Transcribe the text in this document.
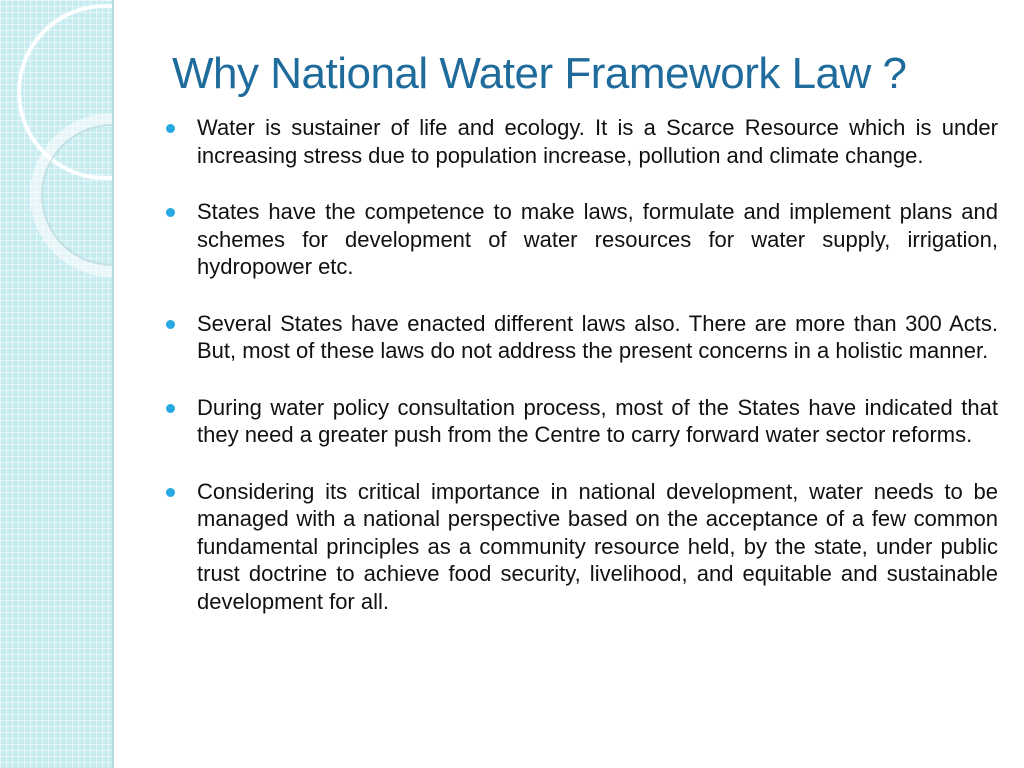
Why National Water Framework Law ?
Water is sustainer of life and ecology. It is a Scarce Resource which is under increasing stress due to population increase, pollution and climate change.
States have the competence to make laws, formulate and implement plans and schemes for development of water resources for water supply, irrigation, hydropower etc.
Several States have enacted different laws also. There are more than 300 Acts. But, most of these laws do not address the present concerns in a holistic manner.
During water policy consultation process, most of the States have indicated that they need a greater push from the Centre to carry forward water sector reforms.
Considering its critical importance in national development, water needs to be managed with a national perspective based on the acceptance of a few common fundamental principles as a community resource held, by the state, under public trust doctrine to achieve food security, livelihood, and equitable and sustainable development for all.
